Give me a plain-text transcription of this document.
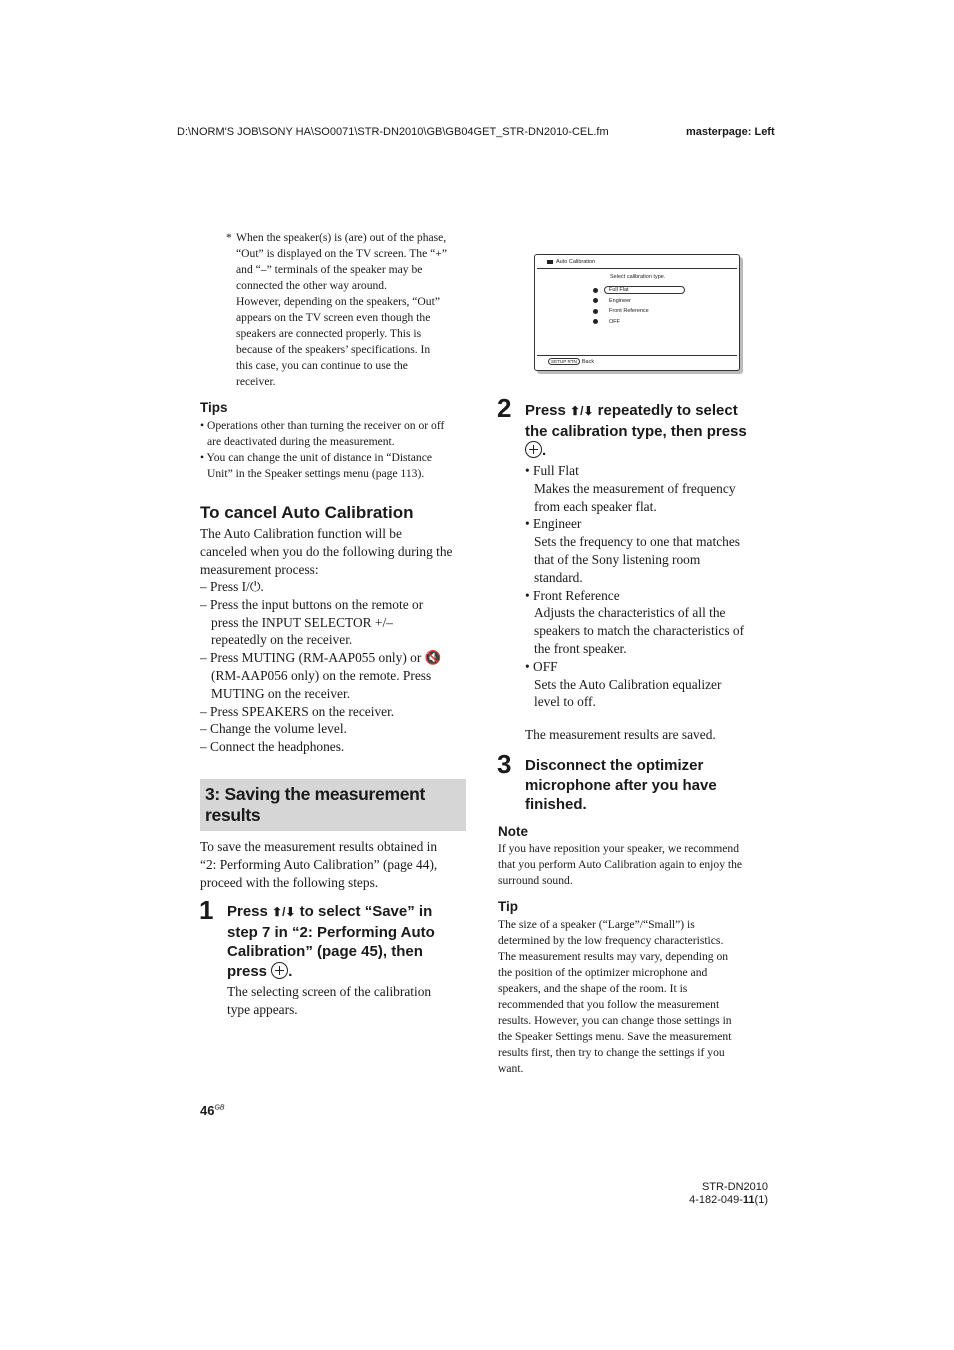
D:\NORM'S JOB\SONY HA\SO0071\STR-DN2010\GB\GB04GET_STR-DN2010-CEL.fm	masterpage: Left
* When the speaker(s) is (are) out of the phase,
“Out” is displayed on the TV screen. The “+”
and “–” terminals of the speaker may be
connected the other way around.
However, depending on the speakers, “Out”
appears on the TV screen even though the
speakers are connected properly. This is
because of the speakers’ specifications. In
this case, you can continue to use the
receiver.
Tips
• Operations other than turning the receiver on or off
are deactivated during the measurement.
• You can change the unit of distance in “Distance
Unit” in the Speaker settings menu (page 113).
To cancel Auto Calibration
The Auto Calibration function will be
canceled when you do the following during the
measurement process:
– Press I/⏻.
– Press the input buttons on the remote or
press the INPUT SELECTOR +/–
repeatedly on the receiver.
– Press MUTING (RM-AAP055 only) or 🔇
(RM-AAP056 only) on the remote. Press
MUTING on the receiver.
– Press SPEAKERS on the receiver.
– Change the volume level.
– Connect the headphones.
3: Saving the measurement
results
To save the measurement results obtained in
“2: Performing Auto Calibration” (page 44),
proceed with the following steps.
1 Press ⬆/⬇ to select “Save” in
step 7 in “2: Performing Auto
Calibration” (page 45), then
press .
The selecting screen of the calibration
type appears.
Auto Calibration
Select calibration type.
Full Flat
Engineer
Front Reference
OFF
SETUP RTN Back
2 Press ⬆/⬇ repeatedly to select
the calibration type, then press
.
• Full Flat
Makes the measurement of frequency
from each speaker flat.
• Engineer
Sets the frequency to one that matches
that of the Sony listening room
standard.
• Front Reference
Adjusts the characteristics of all the
speakers to match the characteristics of
the front speaker.
• OFF
Sets the Auto Calibration equalizer
level to off.
The measurement results are saved.
3 Disconnect the optimizer
microphone after you have
finished.
Note
If you have reposition your speaker, we recommend
that you perform Auto Calibration again to enjoy the
surround sound.
Tip
The size of a speaker (“Large”/“Small”) is
determined by the low frequency characteristics.
The measurement results may vary, depending on
the position of the optimizer microphone and
speakers, and the shape of the room. It is
recommended that you follow the measurement
results. However, you can change those settings in
the Speaker Settings menu. Save the measurement
results first, then try to change the settings if you
want.
$46^{GB}$
STR-DN2010
4-182-049-11(1)
